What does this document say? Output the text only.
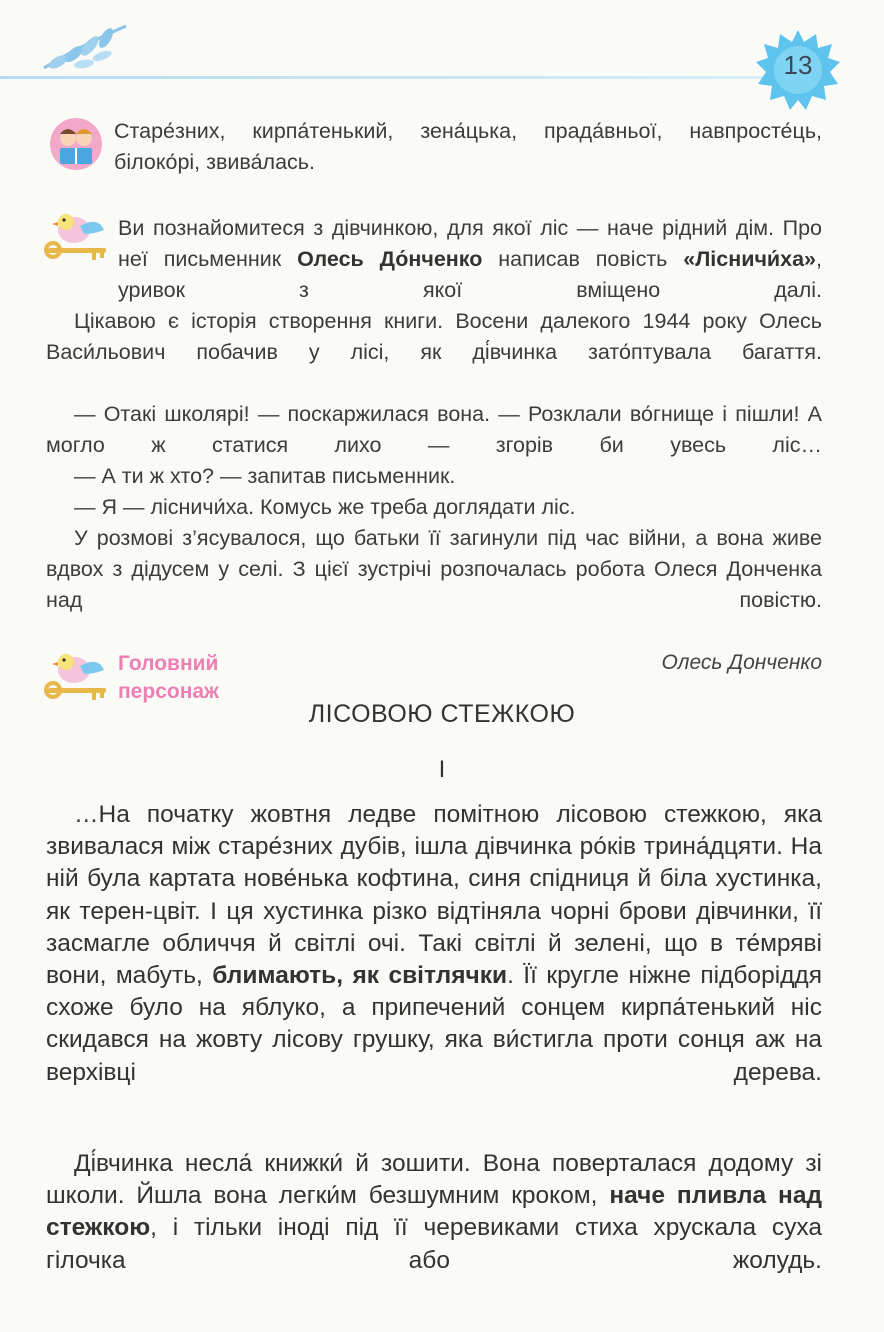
13

Старе́зних, кирпа́тенький, зена́цька, прада́вньої, навпросте́ць, білоко́рі, звива́лась.

Ви познайомитеся з дівчинкою, для якої ліс — наче рідний дім. Про неї письменник Олесь До́нченко написав повість «Лісничи́ха», уривок з якої вміщено далі.

Цікавою є історія створення книги. Восени далекого 1944 року Олесь Васи́льович побачив у лісі, як ді́вчинка зато́птувала багаття.

— Отакі школярі! — поскаржилася вона. — Розклали во́гнище і пішли! А могло ж статися лихо — згорів би увесь ліс…

— А ти ж хто? — запитав письменник.

— Я — лісничи́ха. Комусь же треба доглядати ліс.

У розмові з’ясувалося, що батьки її загинули під час війни, а вона живе вдвох з дідусем у селі. З цієї зустрічі розпочалась робота Олеся Донченка над повістю.

Головний
персонаж
Олесь Донченко
ЛІСОВОЮ СТЕЖКОЮ
І

…На початку жовтня ледве помітною лісовою стежкою, яка звивалася між старе́зних дубів, ішла дівчинка ро́ків трина́дцяти. На ній була картата нове́нька кофтина, синя спідниця й біла хустинка, як терен-цвіт. І ця хустинка різко відтіняла чорні брови дівчинки, її засмагле обличчя й світлі очі. Такі світлі й зелені, що в те́мряві вони, мабуть, блимають, як світлячки. Її кругле ніжне підборіддя схоже було на яблуко, а припечений сонцем кирпа́тенький ніс скидався на жовту лісову грушку, яка ви́стигла проти сонця аж на верхівці дерева.

Ді́вчинка несла́ книжки́ й зошити. Вона поверталася додому зі школи. Йшла вона легки́м безшумним кроком, наче пливла над стежкою, і тільки іноді під її черевиками стиха хрускала суха гілочка або жолудь.
